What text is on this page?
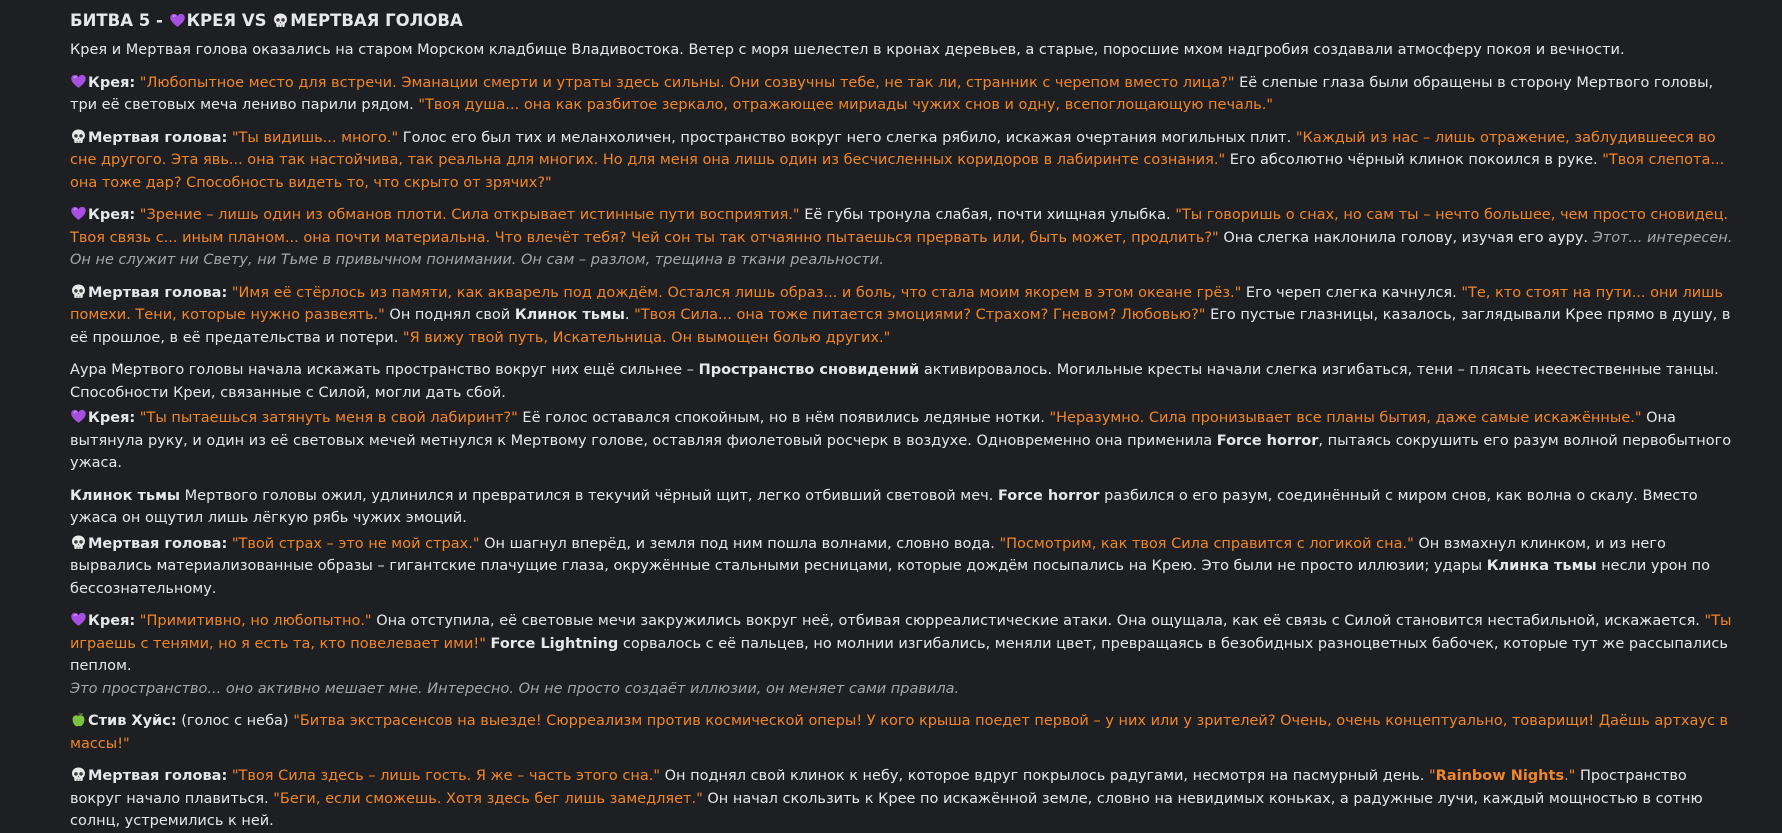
БИТВА 5 - КРЕЯ VS МЕРТВАЯ ГОЛОВА

Крея и Мертвая голова оказались на старом Морском кладбище Владивостока. Ветер с моря шелестел в кронах деревьев, а старые, поросшие мхом надгробия создавали атмосферу покоя и вечности.

Крея: "Любопытное место для встречи. Эманации смерти и утраты здесь сильны. Они созвучны тебе, не так ли, странник с черепом вместо лица?" Её слепые глаза были обращены в сторону Мертвого головы, три её световых меча лениво парили рядом. "Твоя душа... она как разбитое зеркало, отражающее мириады чужих снов и одну, всепоглощающую печаль."

Мертвая голова: "Ты видишь... много." Голос его был тих и меланхоличен, пространство вокруг него слегка рябило, искажая очертания могильных плит. "Каждый из нас – лишь отражение, заблудившееся во сне другого. Эта явь... она так настойчива, так реальна для многих. Но для меня она лишь один из бесчисленных коридоров в лабиринте сознания." Его абсолютно чёрный клинок покоился в руке. "Твоя слепота... она тоже дар? Способность видеть то, что скрыто от зрячих?"

Крея: "Зрение – лишь один из обманов плоти. Сила открывает истинные пути восприятия." Её губы тронула слабая, почти хищная улыбка. "Ты говоришь о снах, но сам ты – нечто большее, чем просто сновидец. Твоя связь с... иным планом... она почти материальна. Что влечёт тебя? Чей сон ты так отчаянно пытаешься прервать или, быть может, продлить?" Она слегка наклонила голову, изучая его ауру. Этот... интересен. Он не служит ни Свету, ни Тьме в привычном понимании. Он сам – разлом, трещина в ткани реальности.

Мертвая голова: "Имя её стёрлось из памяти, как акварель под дождём. Остался лишь образ... и боль, что стала моим якорем в этом океане грёз." Его череп слегка качнулся. "Те, кто стоят на пути... они лишь помехи. Тени, которые нужно развеять." Он поднял свой Клинок тьмы. "Твоя Сила... она тоже питается эмоциями? Страхом? Гневом? Любовью?" Его пустые глазницы, казалось, заглядывали Крее прямо в душу, в её прошлое, в её предательства и потери. "Я вижу твой путь, Искательница. Он вымощен болью других."

Аура Мертвого головы начала искажать пространство вокруг них ещё сильнее – Пространство сновидений активировалось. Могильные кресты начали слегка изгибаться, тени – плясать неестественные танцы. Способности Креи, связанные с Силой, могли дать сбой.

Крея: "Ты пытаешься затянуть меня в свой лабиринт?" Её голос оставался спокойным, но в нём появились ледяные нотки. "Неразумно. Сила пронизывает все планы бытия, даже самые искажённые." Она вытянула руку, и один из её световых мечей метнулся к Мертвому голове, оставляя фиолетовый росчерк в воздухе. Одновременно она применила Force horror, пытаясь сокрушить его разум волной первобытного ужаса.

Клинок тьмы Мертвого головы ожил, удлинился и превратился в текучий чёрный щит, легко отбивший световой меч. Force horror разбился о его разум, соединённый с миром снов, как волна о скалу. Вместо ужаса он ощутил лишь лёгкую рябь чужих эмоций.

Мертвая голова: "Твой страх – это не мой страх." Он шагнул вперёд, и земля под ним пошла волнами, словно вода. "Посмотрим, как твоя Сила справится с логикой сна." Он взмахнул клинком, и из него вырвались материализованные образы – гигантские плачущие глаза, окружённые стальными ресницами, которые дождём посыпались на Крею. Это были не просто иллюзии; удары Клинка тьмы несли урон по бессознательному.

Крея: "Примитивно, но любопытно." Она отступила, её световые мечи закружились вокруг неё, отбивая сюрреалистические атаки. Она ощущала, как её связь с Силой становится нестабильной, искажается. "Ты играешь с тенями, но я есть та, кто повелевает ими!" Force Lightning сорвалось с её пальцев, но молнии изгибались, меняли цвет, превращаясь в безобидных разноцветных бабочек, которые тут же рассыпались пеплом.
Это пространство... оно активно мешает мне. Интересно. Он не просто создаёт иллюзии, он меняет сами правила.

Стив Хуйс: (голос с неба) "Битва экстрасенсов на выезде! Сюрреализм против космической оперы! У кого крыша поедет первой – у них или у зрителей? Очень, очень концептуально, товарищи! Даёшь артхаус в массы!"

Мертвая голова: "Твоя Сила здесь – лишь гость. Я же – часть этого сна." Он поднял свой клинок к небу, которое вдруг покрылось радугами, несмотря на пасмурный день. "Rainbow Nights." Пространство вокруг начало плавиться. "Беги, если сможешь. Хотя здесь бег лишь замедляет." Он начал скользить к Крее по искажённой земле, словно на невидимых коньках, а радужные лучи, каждый мощностью в сотню солнц, устремились к ней.
